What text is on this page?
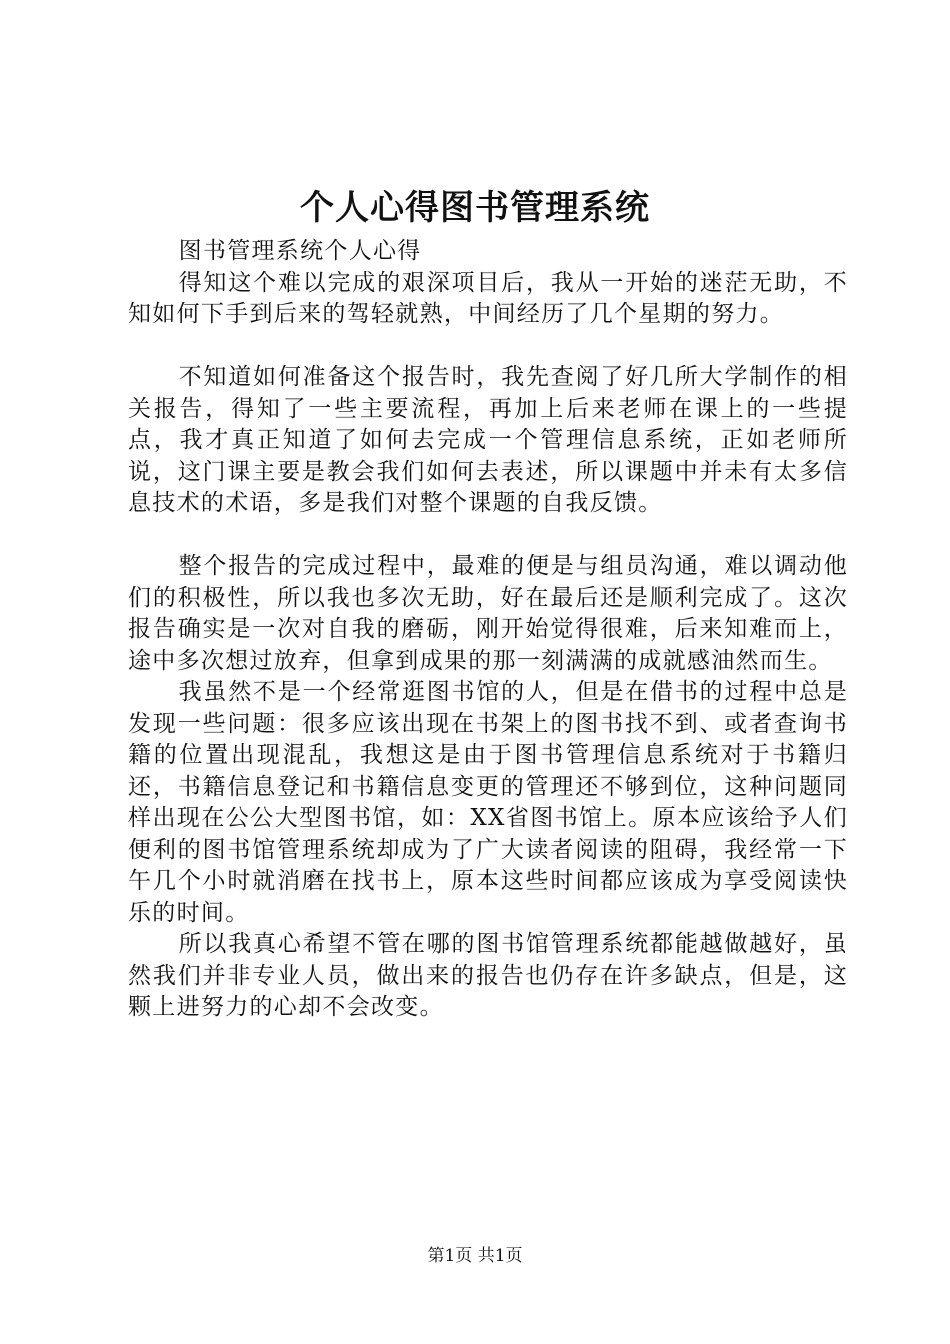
个人心得图书管理系统

图书管理系统个人心得

得知这个难以完成的艰深项目后，我从一开始的迷茫无助，不知如何下手到后来的驾轻就熟，中间经历了几个星期的努力。

不知道如何准备这个报告时，我先查阅了好几所大学制作的相关报告，得知了一些主要流程，再加上后来老师在课上的一些提点，我才真正知道了如何去完成一个管理信息系统，正如老师所说，这门课主要是教会我们如何去表述，所以课题中并未有太多信息技术的术语，多是我们对整个课题的自我反馈。

整个报告的完成过程中，最难的便是与组员沟通，难以调动他们的积极性，所以我也多次无助，好在最后还是顺利完成了。这次报告确实是一次对自我的磨砺，刚开始觉得很难，后来知难而上，途中多次想过放弃，但拿到成果的那一刻满满的成就感油然而生。

我虽然不是一个经常逛图书馆的人，但是在借书的过程中总是发现一些问题：很多应该出现在书架上的图书找不到、或者查询书籍的位置出现混乱，我想这是由于图书管理信息系统对于书籍归还，书籍信息登记和书籍信息变更的管理还不够到位，这种问题同样出现在公公大型图书馆，如：XX省图书馆上。原本应该给予人们便利的图书馆管理系统却成为了广大读者阅读的阻碍，我经常一下午几个小时就消磨在找书上，原本这些时间都应该成为享受阅读快乐的时间。

所以我真心希望不管在哪的图书馆管理系统都能越做越好，虽然我们并非专业人员，做出来的报告也仍存在许多缺点，但是，这颗上进努力的心却不会改变。

第1页 共1页
